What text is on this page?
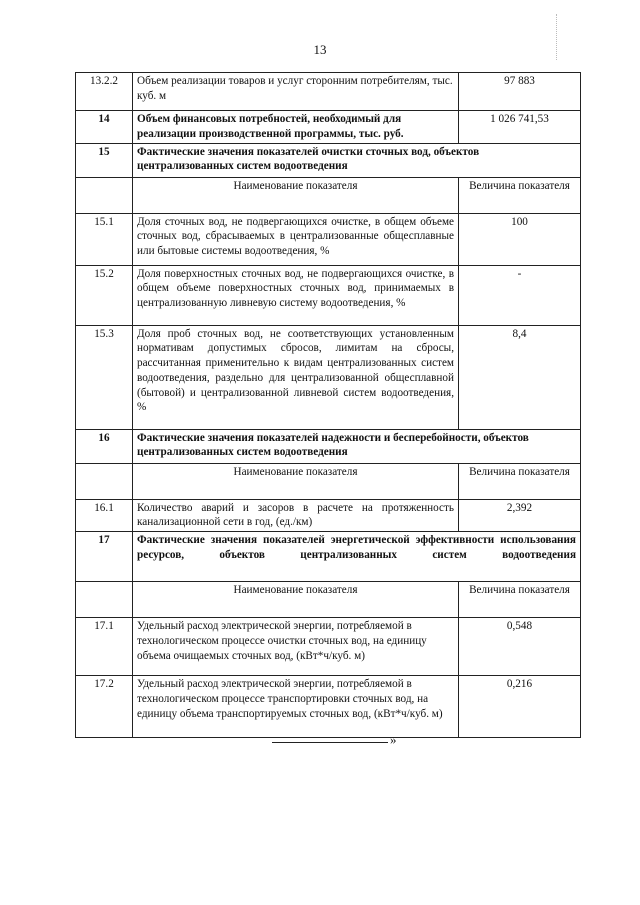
13
13.2.2	Объем реализации товаров и услуг сторонним потребителям, тыс. куб. м	97 883
14	Объем финансовых потребностей, необходимый для реализации производственной программы, тыс. руб.	1 026 741,53
15	Фактические значения показателей очистки сточных вод, объектов централизованных систем водоотведения	
	Наименование показателя	Величина показателя
15.1	Доля сточных вод, не подвергающихся очистке, в общем объеме сточных вод, сбрасываемых в централизованные общесплавные или бытовые системы водоотведения, %	100
15.2	Доля поверхностных сточных вод, не подвергающихся очистке, в общем объеме поверхностных сточных вод, принимаемых в централизованную ливневую систему водоотведения, %	-
15.3	Доля проб сточных вод, не соответствующих установленным нормативам допустимых сбросов, лимитам на сбросы, рассчитанная применительно к видам централизованных систем водоотведения, раздельно для централизованной общесплавной (бытовой) и централизованной ливневой систем водоотведения, %	8,4
16	Фактические значения показателей надежности и бесперебойности, объектов централизованных систем водоотведения	
	Наименование показателя	Величина показателя
16.1	Количество аварий и засоров в расчете на протяженность канализационной сети в год, (ед./км)	2,392
17	Фактические значения показателей энергетической эффективности использования ресурсов, объектов централизованных систем водоотведения	
	Наименование показателя	Величина показателя
17.1	Удельный расход электрической энергии, потребляемой в технологическом процессе очистки сточных вод, на единицу объема очищаемых сточных вод, (кВт*ч/куб. м)	0,548
17.2	Удельный расход электрической энергии, потребляемой в технологическом процессе транспортировки сточных вод, на единицу объема транспортируемых сточных вод, (кВт*ч/куб. м)	0,216
»
